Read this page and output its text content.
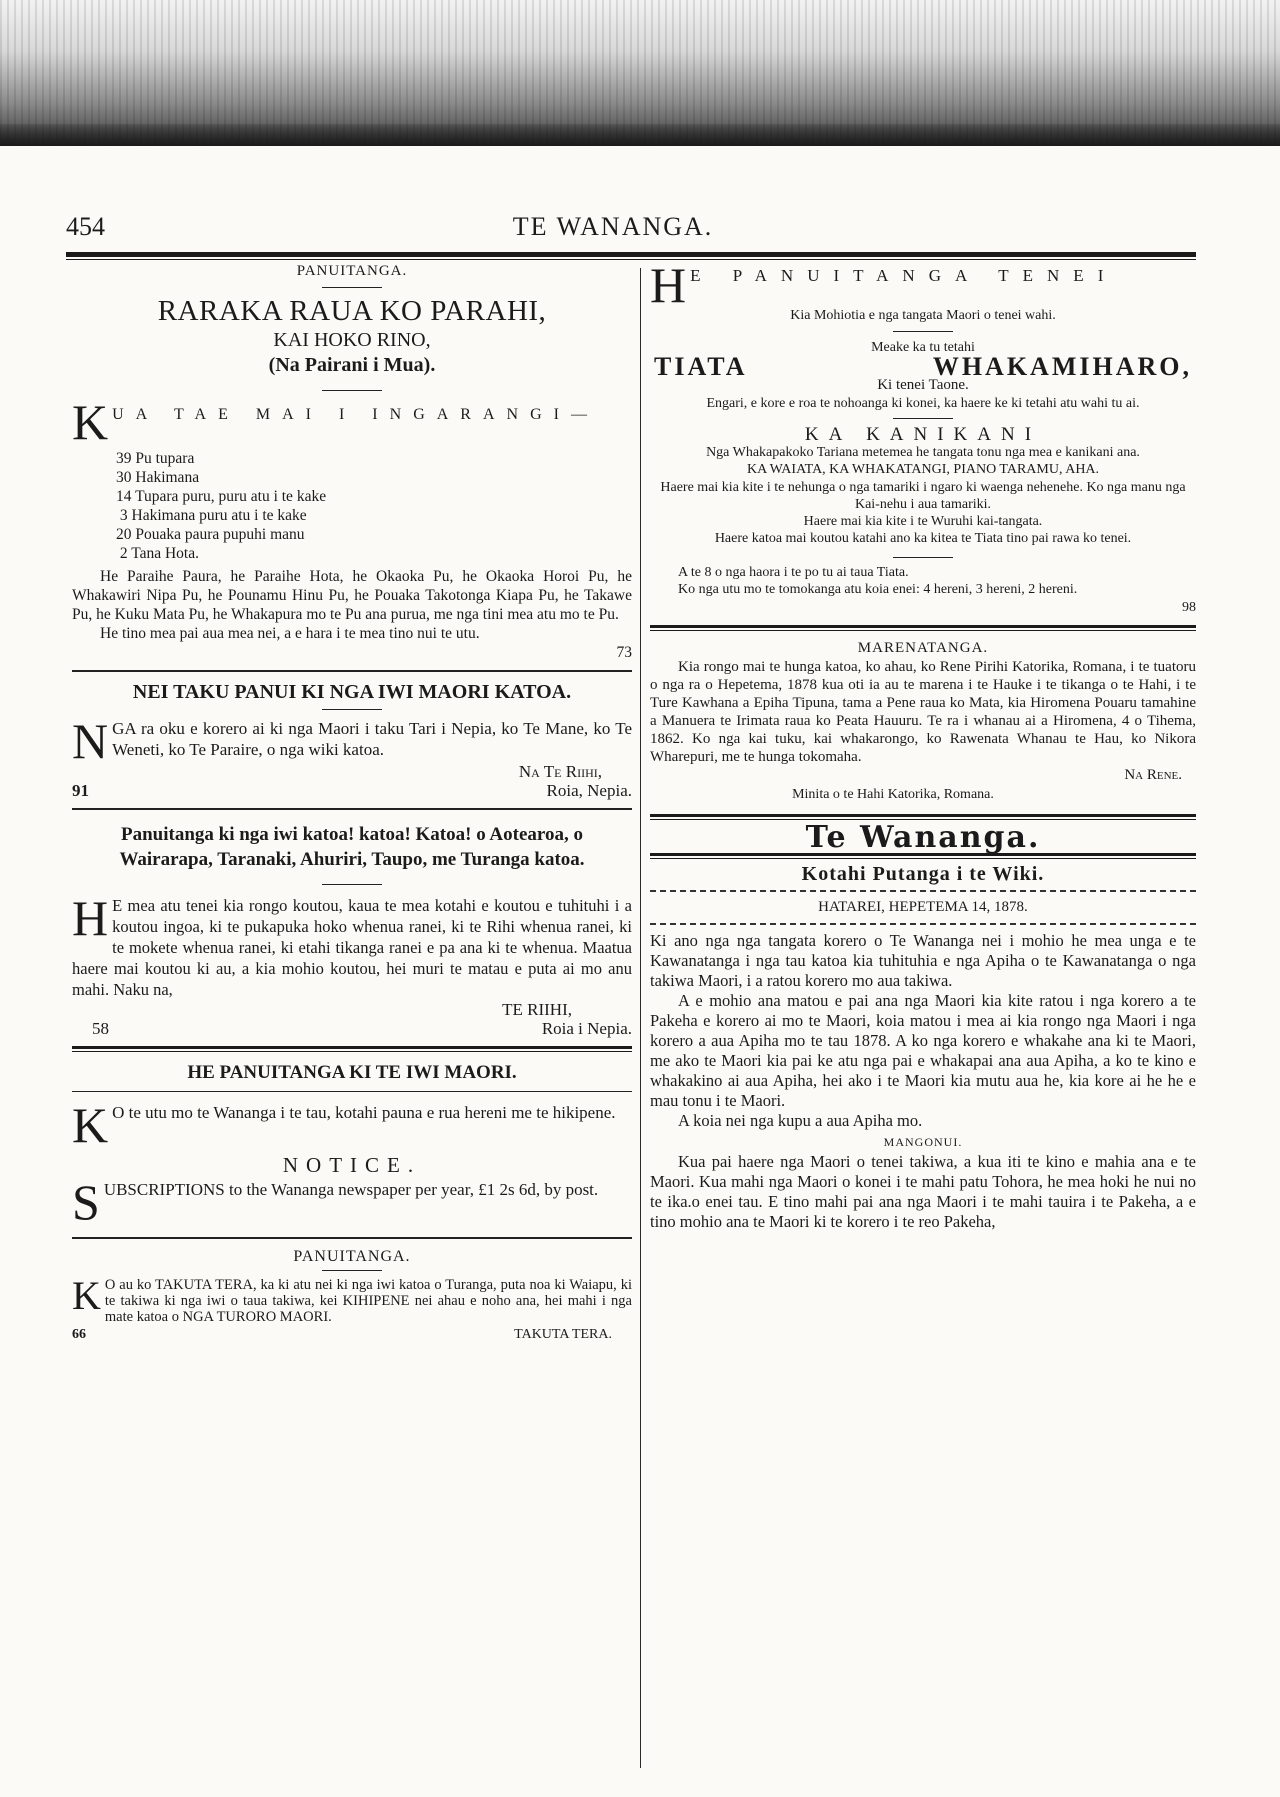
454	TE WANANGA.
PANUITANGA.
RARAKA RAUA KO PARAHI,
KAI HOKO RINO,
(Na Pairani i Mua).
K UA TAE MAI I INGARANGI—
39 Pu tupara
30 Hakimana
14 Tupara puru, puru atu i te kake
3 Hakimana puru atu i te kake
20 Pouaka paura pupuhi manu
2 Tana Hota.

He Paraihe Paura, he Paraihe Hota, he Okaoka Pu, he Okaoka Horoi Pu, he Whakawiri Nipa Pu, he Pounamu Hinu Pu, he Pouaka Takotonga Kiapa Pu, he Takawe Pu, he Kuku Mata Pu, he Whakapura mo te Pu ana purua, me nga tini mea atu mo te Pu.

He tino mea pai aua mea nei, a e hara i te mea tino nui te utu.

73
NEI TAKU PANUI KI NGA IWI MAORI KATOA.
N GA ra oku e korero ai ki nga Maori i taku Tari i Nepia, ko Te Mane, ko Te Weneti, ko Te Paraire, o nga wiki katoa.

Na Te Riihi,
91	Roia, Nepia.
Panuitanga ki nga iwi katoa! katoa! Katoa! o Aotearoa, o Wairarapa, Taranaki, Ahuriri, Taupo, me Turanga katoa.
H E mea atu tenei kia rongo koutou, kaua te mea kotahi e koutou e tuhituhi i a koutou ingoa, ki te pukapuka hoko whenua ranei, ki te Rihi whenua ranei, ki te mokete whenua ranei, ki etahi tikanga ranei e pa ana ki te whenua. Maatua haere mai koutou ki au, a kia mohio koutou, hei muri te matau e puta ai mo anu mahi. Naku na,

TE RIIHI,
58	Roia i Nepia.
HE PANUITANGA KI TE IWI MAORI.
K O te utu mo te Wananga i te tau, kotahi pauna e rua hereni me te hikipene.

NOTICE.
S UBSCRIPTIONS to the Wananga newspaper per year, £1 2s 6d, by post.

PANUITANGA.
K O au ko TAKUTA TERA, ka ki atu nei ki nga iwi katoa o Turanga, puta noa ki Waiapu, ki te takiwa ki nga iwi o taua takiwa, kei KIHIPENE nei ahau e noho ana, hei mahi i nga mate katoa o NGA TURORO MAORI.

66	TAKUTA TERA.
H E PANUITANGA TENEI
Kia Mohiotia e nga tangata Maori o tenei wahi.
Meake ka tu tetahi
TIATA	WHAKAMIHARO,
Ki tenei Taone.
Engari, e kore e roa te nohoanga ki konei, ka haere ke ki tetahi atu wahi tu ai.
KA KANIKANI
Nga Whakapakoko Tariana metemea he tangata tonu nga mea e kanikani ana.
KA WAIATA, KA WHAKATANGI, PIANO TARAMU, AHA.
Haere mai kia kite i te nehunga o nga tamariki i ngaro ki waenga nehenehe. Ko nga manu nga Kai-nehu i aua tamariki.
Haere mai kia kite i te Wuruhi kai-tangata.
Haere katoa mai koutou katahi ano ka kitea te Tiata tino pai rawa ko tenei.

A te 8 o nga haora i te po tu ai taua Tiata.

Ko nga utu mo te tomokanga atu koia enei: 4 hereni, 3 hereni, 2 hereni.

98
MARENATANGA.

Kia rongo mai te hunga katoa, ko ahau, ko Rene Pirihi Katorika, Romana, i te tuatoru o nga ra o Hepetema, 1878 kua oti ia au te marena i te Hauke i te tikanga o te Hahi, i te Ture Kawhana a Epiha Tipuna, tama a Pene raua ko Mata, kia Hiromena Pouaru tamahine a Manuera te Irimata raua ko Peata Hauuru. Te ra i whanau ai a Hiromena, 4 o Tihema, 1862. Ko nga kai tuku, kai whakarongo, ko Rawenata Whanau te Hau, ko Nikora Wharepuri, me te hunga tokomaha.

Na Rene.
Minita o te Hahi Katorika, Romana.
Te Wananga.
Kotahi Putanga i te Wiki.
HATAREI, HEPETEMA 14, 1878.

Ki ano nga nga tangata korero o Te Wananga nei i mohio he mea unga e te Kawanatanga i nga tau katoa kia tuhituhia e nga Apiha o te Kawanatanga o nga takiwa Maori, i a ratou korero mo aua takiwa.

A e mohio ana matou e pai ana nga Maori kia kite ratou i nga korero a te Pakeha e korero ai mo te Maori, koia matou i mea ai kia rongo nga Maori i nga korero a aua Apiha mo te tau 1878. A ko nga korero e whakahe ana ki te Maori, me ako te Maori kia pai ke atu nga pai e whakapai ana aua Apiha, a ko te kino e whakakino ai aua Apiha, hei ako i te Maori kia mutu aua he, kia kore ai he he e mau tonu i te Maori.

A koia nei nga kupu a aua Apiha mo.

MANGONUI.

Kua pai haere nga Maori o tenei takiwa, a kua iti te kino e mahia ana e te Maori. Kua mahi nga Maori o konei i te mahi patu Tohora, he mea hoki he nui no te ika.o enei tau. E tino mahi pai ana nga Maori i te mahi tauira i te Pakeha, a e tino mohio ana te Maori ki te korero i te reo Pakeha,
